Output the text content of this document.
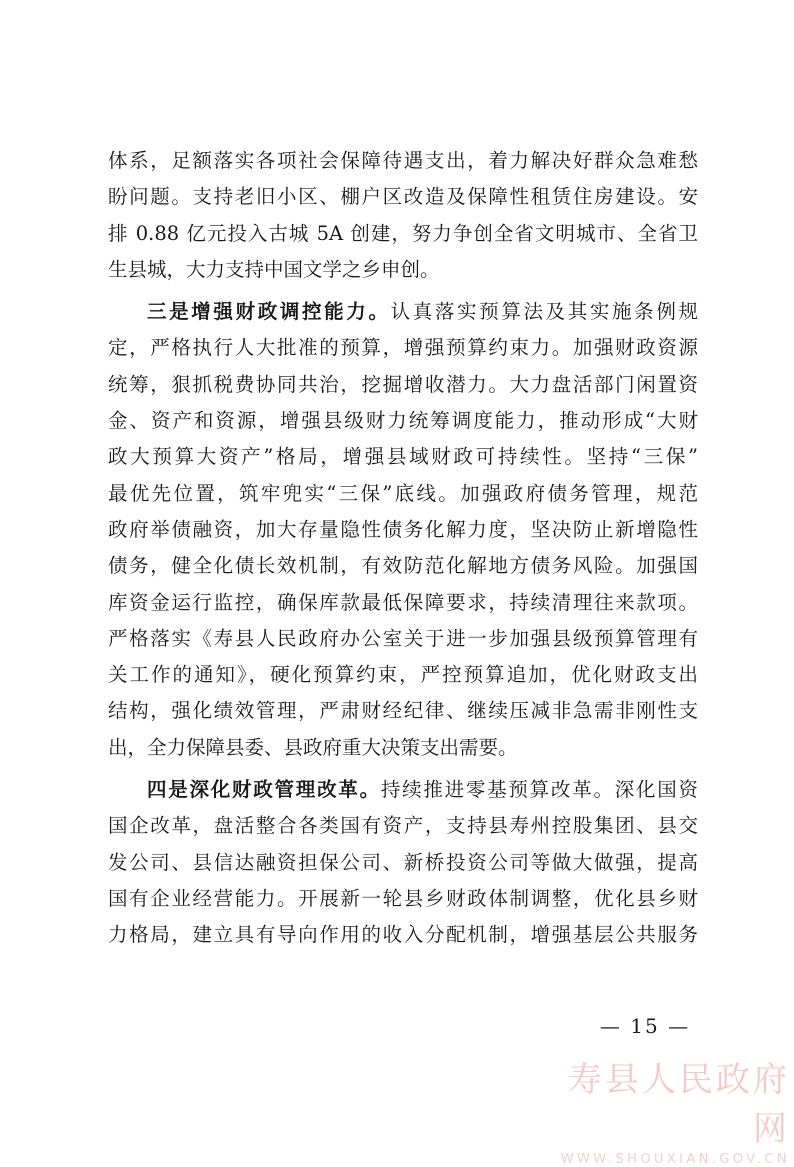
体系，足额落实各项社会保障待遇支出，着力解决好群众急难愁
盼问题。支持老旧小区、棚户区改造及保障性租赁住房建设。安
排 0.88 亿元投入古城 5A 创建，努力争创全省文明城市、全省卫
生县城，大力支持中国文学之乡申创。
三是增强财政调控能力。认真落实预算法及其实施条例规
定，严格执行人大批准的预算，增强预算约束力。加强财政资源
统筹，狠抓税费协同共治，挖掘增收潜力。大力盘活部门闲置资
金、资产和资源，增强县级财力统筹调度能力，推动形成“大财
政大预算大资产”格局，增强县域财政可持续性。坚持“三保”
最优先位置，筑牢兜实“三保”底线。加强政府债务管理，规范
政府举债融资，加大存量隐性债务化解力度，坚决防止新增隐性
债务，健全化债长效机制，有效防范化解地方债务风险。加强国
库资金运行监控，确保库款最低保障要求，持续清理往来款项。
严格落实《寿县人民政府办公室关于进一步加强县级预算管理有
关工作的通知》，硬化预算约束，严控预算追加，优化财政支出
结构，强化绩效管理，严肃财经纪律、继续压减非急需非刚性支
出，全力保障县委、县政府重大决策支出需要。
四是深化财政管理改革。持续推进零基预算改革。深化国资
国企改革，盘活整合各类国有资产，支持县寿州控股集团、县交
发公司、县信达融资担保公司、新桥投资公司等做大做强，提高
国有企业经营能力。开展新一轮县乡财政体制调整，优化县乡财
力格局，建立具有导向作用的收入分配机制，增强基层公共服务
— 15 —
寿县人民政府网
WWW.SHOUXIAN.GOV.CN
